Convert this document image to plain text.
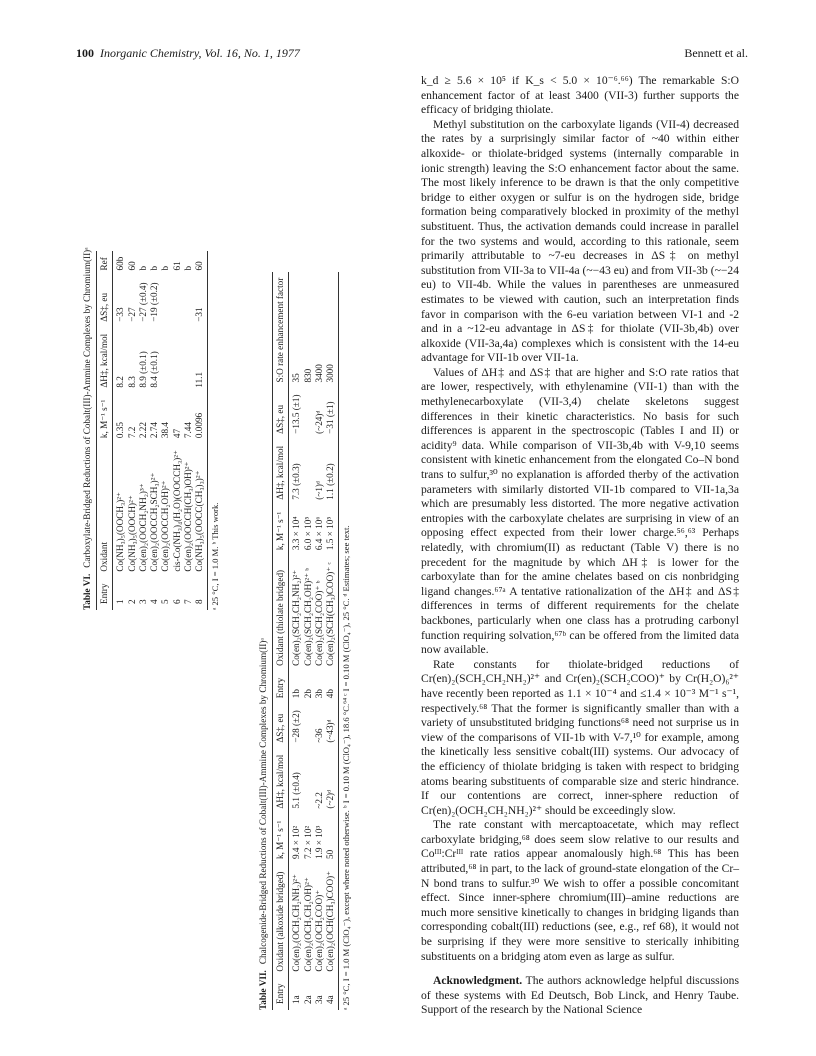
100 Inorganic Chemistry, Vol. 16, No. 1, 1977	Bennett et al.
Table VI.Carboxylate-Bridged Reductions of Cobalt(III)-Ammine Complexes by Chromium(II)ᵃ
Entry	Oxidant	k, M⁻¹ s⁻¹	ΔH‡, kcal/mol	ΔS‡, eu	Ref
1	Co(NH₃)₅(OOCH₃)²⁺	0.35	8.2	−33	60b
2	Co(NH₃)₅(OOCH)²⁺	7.2	8.3	−27	60
3	Co(en)₂(OOCH₂NH₂)³⁺	2.22	8.9 (±0.1)	−27 (±0.4)	b
4	Co(en)₂(OOCCH₂SCH₃)²⁺	2.74	8.4 (±0.1)	−19 (±0.2)	b
5	Co(en)₂(OOCCH₂OH)²⁺	38.4			b
6	cis-Co(NH₃)₄(H₂O)(OOCCH₃)²⁺	47			61
7	Co(en)₂(OOCCH(CH₃)OH)²⁺	7.44			b
8	Co(NH₃)₅(OOCC(CH₃)₃)²⁺	0.0096	11.1	−31	60
ᵃ 25 °C, I = 1.0 M. ᵇ This work.
Table VII.Chalcogenide-Bridged Reductions of Cobalt(III)-Ammine Complexes by Chromium(II)ᵃ
Entry	Oxidant (alkoxide bridged)	k, M⁻¹ s⁻¹	ΔH‡, kcal/mol	ΔS‡, eu	Entry	Oxidant (thiolate bridged)	k, M⁻¹ s⁻¹	ΔH‡, kcal/mol	ΔS‡, eu	S:O rate enhancement factor
1a	Co(en)₂(OCH₂CH₂NH₂)²⁺	9.4 × 10²	5.1 (±0.4)	−28 (±2)	1b	Co(en)₂(SCH₂CH₂NH₂)²⁺	3.3 × 10⁴	7.3 (±0.3)	−13.5 (±1)	35
2a	Co(en)₂(OCH₂CH₂OH)²⁺	7.2 × 10²			2b	Co(en)₂(SCH₂CH₂OH)²⁺ ᵇ	6.0 × 10⁵			830
3a	Co(en)₂(OCH₂COO)⁺	1.9 × 10³	~2.2	~36	3b	Co(en)₂(SCH₂COO)⁺ ᵇ	6.4 × 10⁶	(~1)ᵈ	(~24)ᵈ	3400
4a	Co(en)₂(OCH(CH₃)COO)⁺	50	(~2)ᵈ	(~43)ᵈ	4b	Co(en)₂(SCH(CH₃)COO)⁺ ᶜ	1.5 × 10⁵	1.1 (±0.2)	−31 (±1)	3000
ᵃ 25 °C, I = 1.0 M (ClO₄⁻), except where noted otherwise. ᵇ I = 0.10 M (ClO₄⁻), 18.6 °C.⁶⁴ ᶜ I = 0.10 M (ClO₄⁻), 25 °C. ᵈ Estimates; see text.

k_d ≥ 5.6 × 10⁵ if K_s < 5.0 × 10⁻⁶.⁶⁶) The remarkable S:O enhancement factor of at least 3400 (VII-3) further supports the efficacy of bridging thiolate.

Methyl substitution on the carboxylate ligands (VII-4) decreased the rates by a surprisingly similar factor of ~40 within either alkoxide- or thiolate-bridged systems (internally comparable in ionic strength) leaving the S:O enhancement factor about the same. The most likely inference to be drawn is that the only competitive bridge to either oxygen or sulfur is on the hydrogen side, bridge formation being comparatively blocked in proximity of the methyl substituent. Thus, the activation demands could increase in parallel for the two systems and would, according to this rationale, seem primarily attributable to ~7-eu decreases in ΔS‡ on methyl substitution from VII-3a to VII-4a (~−43 eu) and from VII-3b (~−24 eu) to VII-4b. While the values in parentheses are unmeasured estimates to be viewed with caution, such an interpretation finds favor in comparison with the 6-eu variation between VI-1 and -2 and in a ~12-eu advantage in ΔS‡ for thiolate (VII-3b,4b) over alkoxide (VII-3a,4a) complexes which is consistent with the 14-eu advantage for VII-1b over VII-1a.

Values of ΔH‡ and ΔS‡ that are higher and S:O rate ratios that are lower, respectively, with ethylenamine (VII-1) than with the methylenecarboxylate (VII-3,4) chelate skeletons suggest differences in their kinetic characteristics. No basis for such differences is apparent in the spectroscopic (Tables I and II) or acidity⁹ data. While comparison of VII-3b,4b with V-9,10 seems consistent with kinetic enhancement from the elongated Co–N bond trans to sulfur,³⁰ no explanation is afforded therby of the activation parameters with similarly distorted VII-1b compared to VII-1a,3a which are presumably less distorted. The more negative activation entropies with the carboxylate chelates are surprising in view of an opposing effect expected from their lower charge.⁵⁶,⁶³ Perhaps relatedly, with chromium(II) as reductant (Table V) there is no precedent for the magnitude by which ΔH‡ is lower for the carboxylate than for the amine chelates based on cis nonbridging ligand changes.⁶⁷ᵃ A tentative rationalization of the ΔH‡ and ΔS‡ differences in terms of different requirements for the chelate backbones, particularly when one class has a protruding carbonyl function requiring solvation,⁶⁷ᵇ can be offered from the limited data now available.

Rate constants for thiolate-bridged reductions of Cr(en)₂(SCH₂CH₂NH₂)²⁺ and Cr(en)₂(SCH₂COO)⁺ by Cr(H₂O)₆²⁺ have recently been reported as 1.1 × 10⁻⁴ and ≤1.4 × 10⁻³ M⁻¹ s⁻¹, respectively.⁶⁸ That the former is significantly smaller than with a variety of unsubstituted bridging functions⁶⁸ need not surprise us in view of the comparisons of VII-1b with V-7,¹⁰ for example, among the kinetically less sensitive cobalt(III) systems. Our advocacy of the efficiency of thiolate bridging is taken with respect to bridging atoms bearing substituents of comparable size and steric hindrance. If our contentions are correct, inner-sphere reduction of Cr(en)₂(OCH₂CH₂NH₂)²⁺ should be exceedingly slow.

The rate constant with mercaptoacetate, which may reflect carboxylate bridging,⁶⁸ does seem slow relative to our results and Coᴵᴵᴵ:Crᴵᴵᴵ rate ratios appear anomalously high.⁶⁸ This has been attributed,⁶⁸ in part, to the lack of ground-state elongation of the Cr–N bond trans to sulfur.³⁰ We wish to offer a possible concomitant effect. Since inner-sphere chromium(III)–amine reductions are much more sensitive kinetically to changes in bridging ligands than corresponding cobalt(III) reductions (see, e.g., ref 68), it would not be surprising if they were more sensitive to sterically inhibiting substituents on a bridging atom even as large as sulfur.

Acknowledgment. The authors acknowledge helpful discussions of these systems with Ed Deutsch, Bob Linck, and Henry Taube. Support of the research by the National Science
